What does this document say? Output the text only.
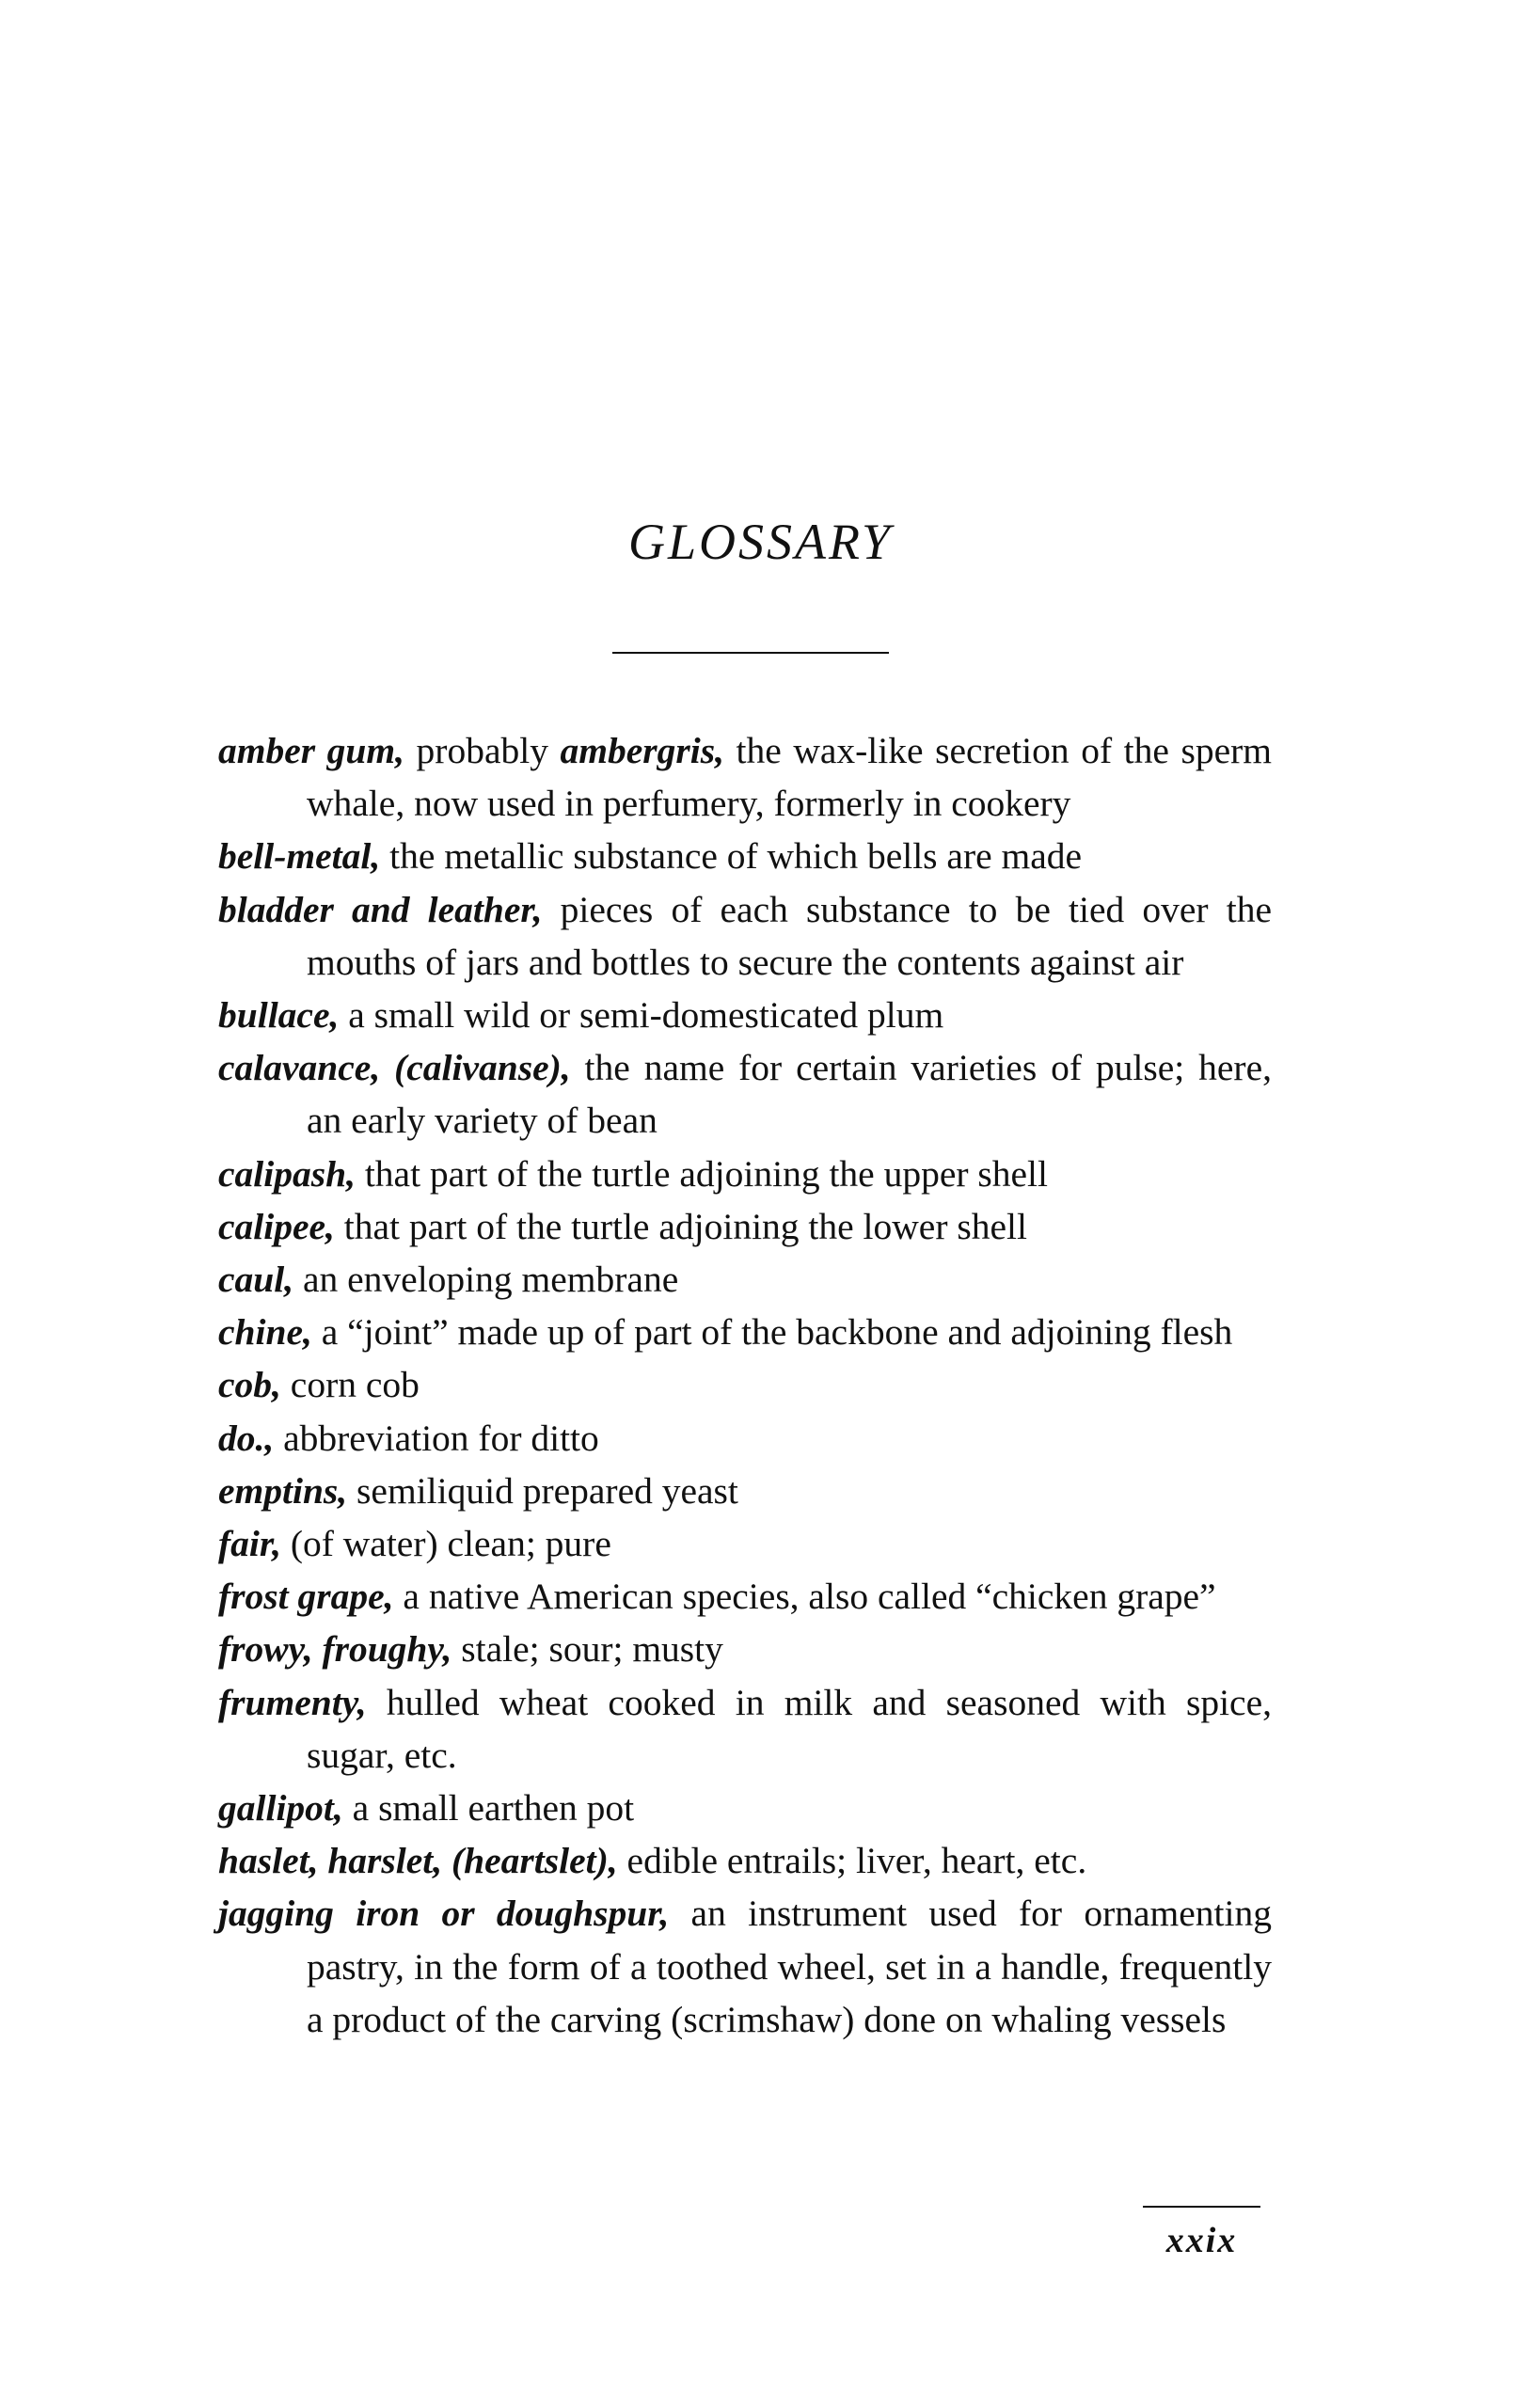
GLOSSARY
amber gum, probably ambergris, the wax-like secretion of the sperm whale, now used in perfumery, formerly in cookery
bell-metal, the metallic substance of which bells are made
bladder and leather, pieces of each substance to be tied over the mouths of jars and bottles to secure the contents against air
bullace, a small wild or semi-domesticated plum
calavance, (calivanse), the name for certain varieties of pulse; here, an early variety of bean
calipash, that part of the turtle adjoining the upper shell
calipee, that part of the turtle adjoining the lower shell
caul, an enveloping membrane
chine, a “joint” made up of part of the backbone and adjoining flesh
cob, corn cob
do., abbreviation for ditto
emptins, semiliquid prepared yeast
fair, (of water) clean; pure
frost grape, a native American species, also called “chicken grape”
frowy, froughy, stale; sour; musty
frumenty, hulled wheat cooked in milk and seasoned with spice, sugar, etc.
gallipot, a small earthen pot
haslet, harslet, (heartslet), edible entrails; liver, heart, etc.
jagging iron or doughspur, an instrument used for ornamenting pastry, in the form of a toothed wheel, set in a handle, frequently a product of the carving (scrimshaw) done on whaling vessels
xxix
